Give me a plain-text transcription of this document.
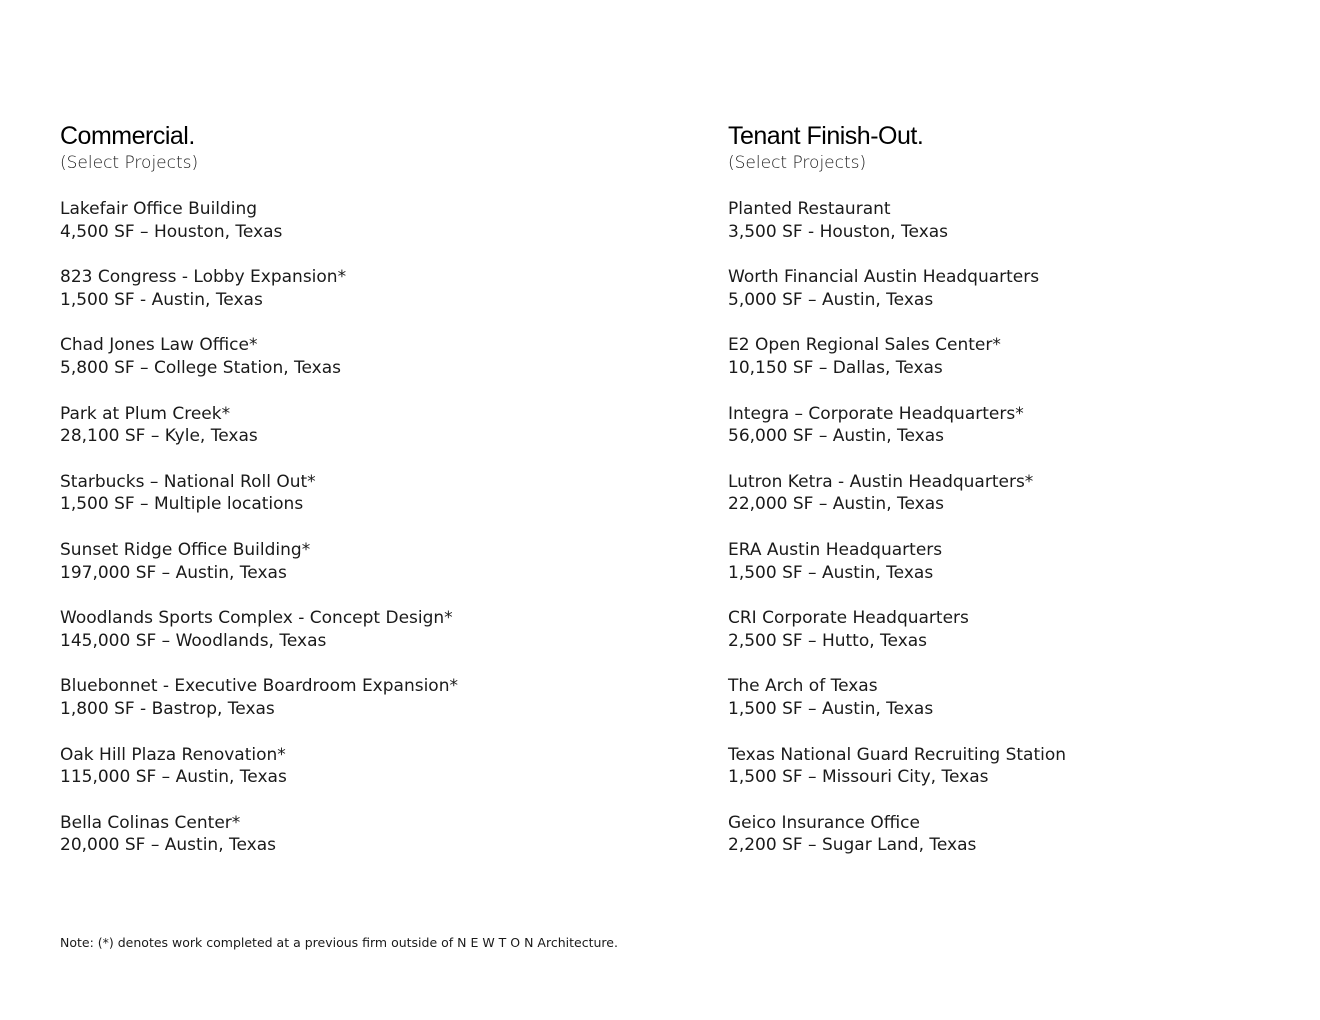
Commercial.

(Select Projects)

Lakefair Office Building
4,500 SF – Houston, Texas
823 Congress - Lobby Expansion*
1,500 SF - Austin, Texas
Chad Jones Law Office*
5,800 SF – College Station, Texas
Park at Plum Creek*
28,100 SF – Kyle, Texas
Starbucks – National Roll Out*
1,500 SF – Multiple locations
Sunset Ridge Office Building*
197,000 SF – Austin, Texas
Woodlands Sports Complex - Concept Design*
145,000 SF – Woodlands, Texas
Bluebonnet - Executive Boardroom Expansion*
1,800 SF - Bastrop, Texas
Oak Hill Plaza Renovation*
115,000 SF – Austin, Texas
Bella Colinas Center*
20,000 SF – Austin, Texas
Tenant Finish-Out.

(Select Projects)

Planted Restaurant
3,500 SF - Houston, Texas
Worth Financial Austin Headquarters
5,000 SF – Austin, Texas
E2 Open Regional Sales Center*
10,150 SF – Dallas, Texas
Integra – Corporate Headquarters*
56,000 SF – Austin, Texas
Lutron Ketra - Austin Headquarters*
22,000 SF – Austin, Texas
ERA Austin Headquarters
1,500 SF – Austin, Texas
CRI Corporate Headquarters
2,500 SF – Hutto, Texas
The Arch of Texas
1,500 SF – Austin, Texas
Texas National Guard Recruiting Station
1,500 SF – Missouri City, Texas
Geico Insurance Office
2,200 SF – Sugar Land, Texas
Note: (*) denotes work completed at a previous firm outside of N E W T O N Architecture.
